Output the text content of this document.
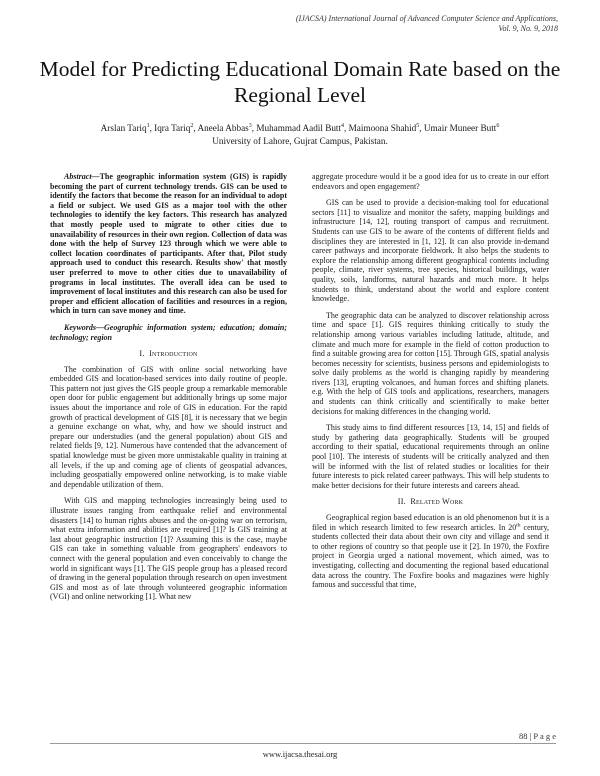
(IJACSA) International Journal of Advanced Computer Science and Applications,
Vol. 9, No. 9, 2018
Model for Predicting Educational Domain Rate based on the Regional Level
Arslan Tariq$^1$, Iqra Tariq$^2$, Aneela Abbas$^3$, Muhammad Aadil Butt$^4$, Maimoona Shahid$^5$, Umair Muneer Butt$^6$
University of Lahore, Gujrat Campus, Pakistan.

Abstract—The geographic information system (GIS) is rapidly becoming the part of current technology trends. GIS can be used to identify the factors that become the reason for an individual to adopt a field or subject. We used GIS as a major tool with the other technologies to identify the key factors. This research has analyzed that mostly people used to migrate to other cities due to unavailability of resources in their own region. Collection of data was done with the help of Survey 123 through which we were able to collect location coordinates of participants. After that, Pilot study approach used to conduct this research. Results show' that mostly user preferred to move to other cities due to unavailability of programs in local institutes. The overall idea can be used to improvement of local institutes and this research can also be used for proper and efficient allocation of facilities and resources in a region, which in turn can save money and time.

Keywords—Geographic information system; education; domain; technology; region

I. Introduction

The combination of GIS with online social networking have embedded GIS and location-based services into daily routine of people. This pattern not just gives the GIS people group a remarkable memorable open door for public engagement but additionally brings up some major issues about the importance and role of GIS in education. For the rapid growth of practical development of GIS [8], it is necessary that we begin a genuine exchange on what, why, and how we should instruct and prepare our understudies (and the general population) about GIS and related fields [9, 12]. Numerous have contended that the advancement of spatial knowledge must be given more unmistakable quality in training at all levels, if the up and coming age of clients of geospatial advances, including geospatially empowered online networking, is to make viable and dependable utilization of them.

With GIS and mapping technologies increasingly being used to illustrate issues ranging from earthquake relief and environmental disasters [14] to human rights abuses and the on-going war on terrorism, what extra information and abilities are required [1]? Is GIS training at last about geographic instruction [1]? Assuming this is the case, maybe GIS can take in something valuable from geographers' endeavors to connect with the general population and even conceivably to change the world in significant ways [1]. The GIS people group has a pleased record of drawing in the general population through research on open investment GIS and most as of late through volunteered geographic information (VGI) and online networking [1]. What new

aggregate procedure would it be a good idea for us to create in our effort endeavors and open engagement?

GIS can be used to provide a decision-making tool for educational sectors [11] to visualize and monitor the safety, mapping buildings and infrastructure [14, 12], routing transport of campus and recruitment. Students can use GIS to be aware of the contents of different fields and disciplines they are interested in [1, 12]. It can also provide in-demand career pathways and incorporate fieldwork. It also helps the students to explore the relationship among different geographical contents including people, climate, river systems, tree species, historical buildings, water quality, soils, landforms, natural hazards and much more. It helps students to think, understand about the world and explore content knowledge.

The geographic data can be analyzed to discover relationship across time and space [1]. GIS requires thinking critically to study the relationship among various variables including latitude, altitude, and climate and much more for example in the field of cotton production to find a suitable growing area for cotton [15]. Through GIS, spatial analysis becomes necessity for scientists, business persons and epidemiologists to solve daily problems as the world is changing rapidly by meandering rivers [13], erupting volcanoes, and human forces and shifting planets. e.g. With the help of GIS tools and applications, researchers, managers and students can think critically and scientifically to make better decisions for making differences in the changing world.

This study aims to find different resources [13, 14, 15] and fields of study by gathering data geographically. Students will be grouped according to their spatial, educational requirements through an online pool [10]. The interests of students will be critically analyzed and then will be informed with the list of related studies or localities for their future interests to pick related career pathways. This will help students to make better decisions for their future interests and careers ahead.

II. Related Work

Geographical region based education is an old phenomenon but it is a filed in which research limited to few research articles. In 20th century, students collected their data about their own city and village and send it to other regions of country so that people use it [2]. In 1970, the Foxfire project in Georgia urged a national movement, which aimed, was to investigating, collecting and documenting the regional based educational data across the country. The Foxfire books and magazines were highly famous and successful that time,

88 | P a g e
www.ijacsa.thesai.org
